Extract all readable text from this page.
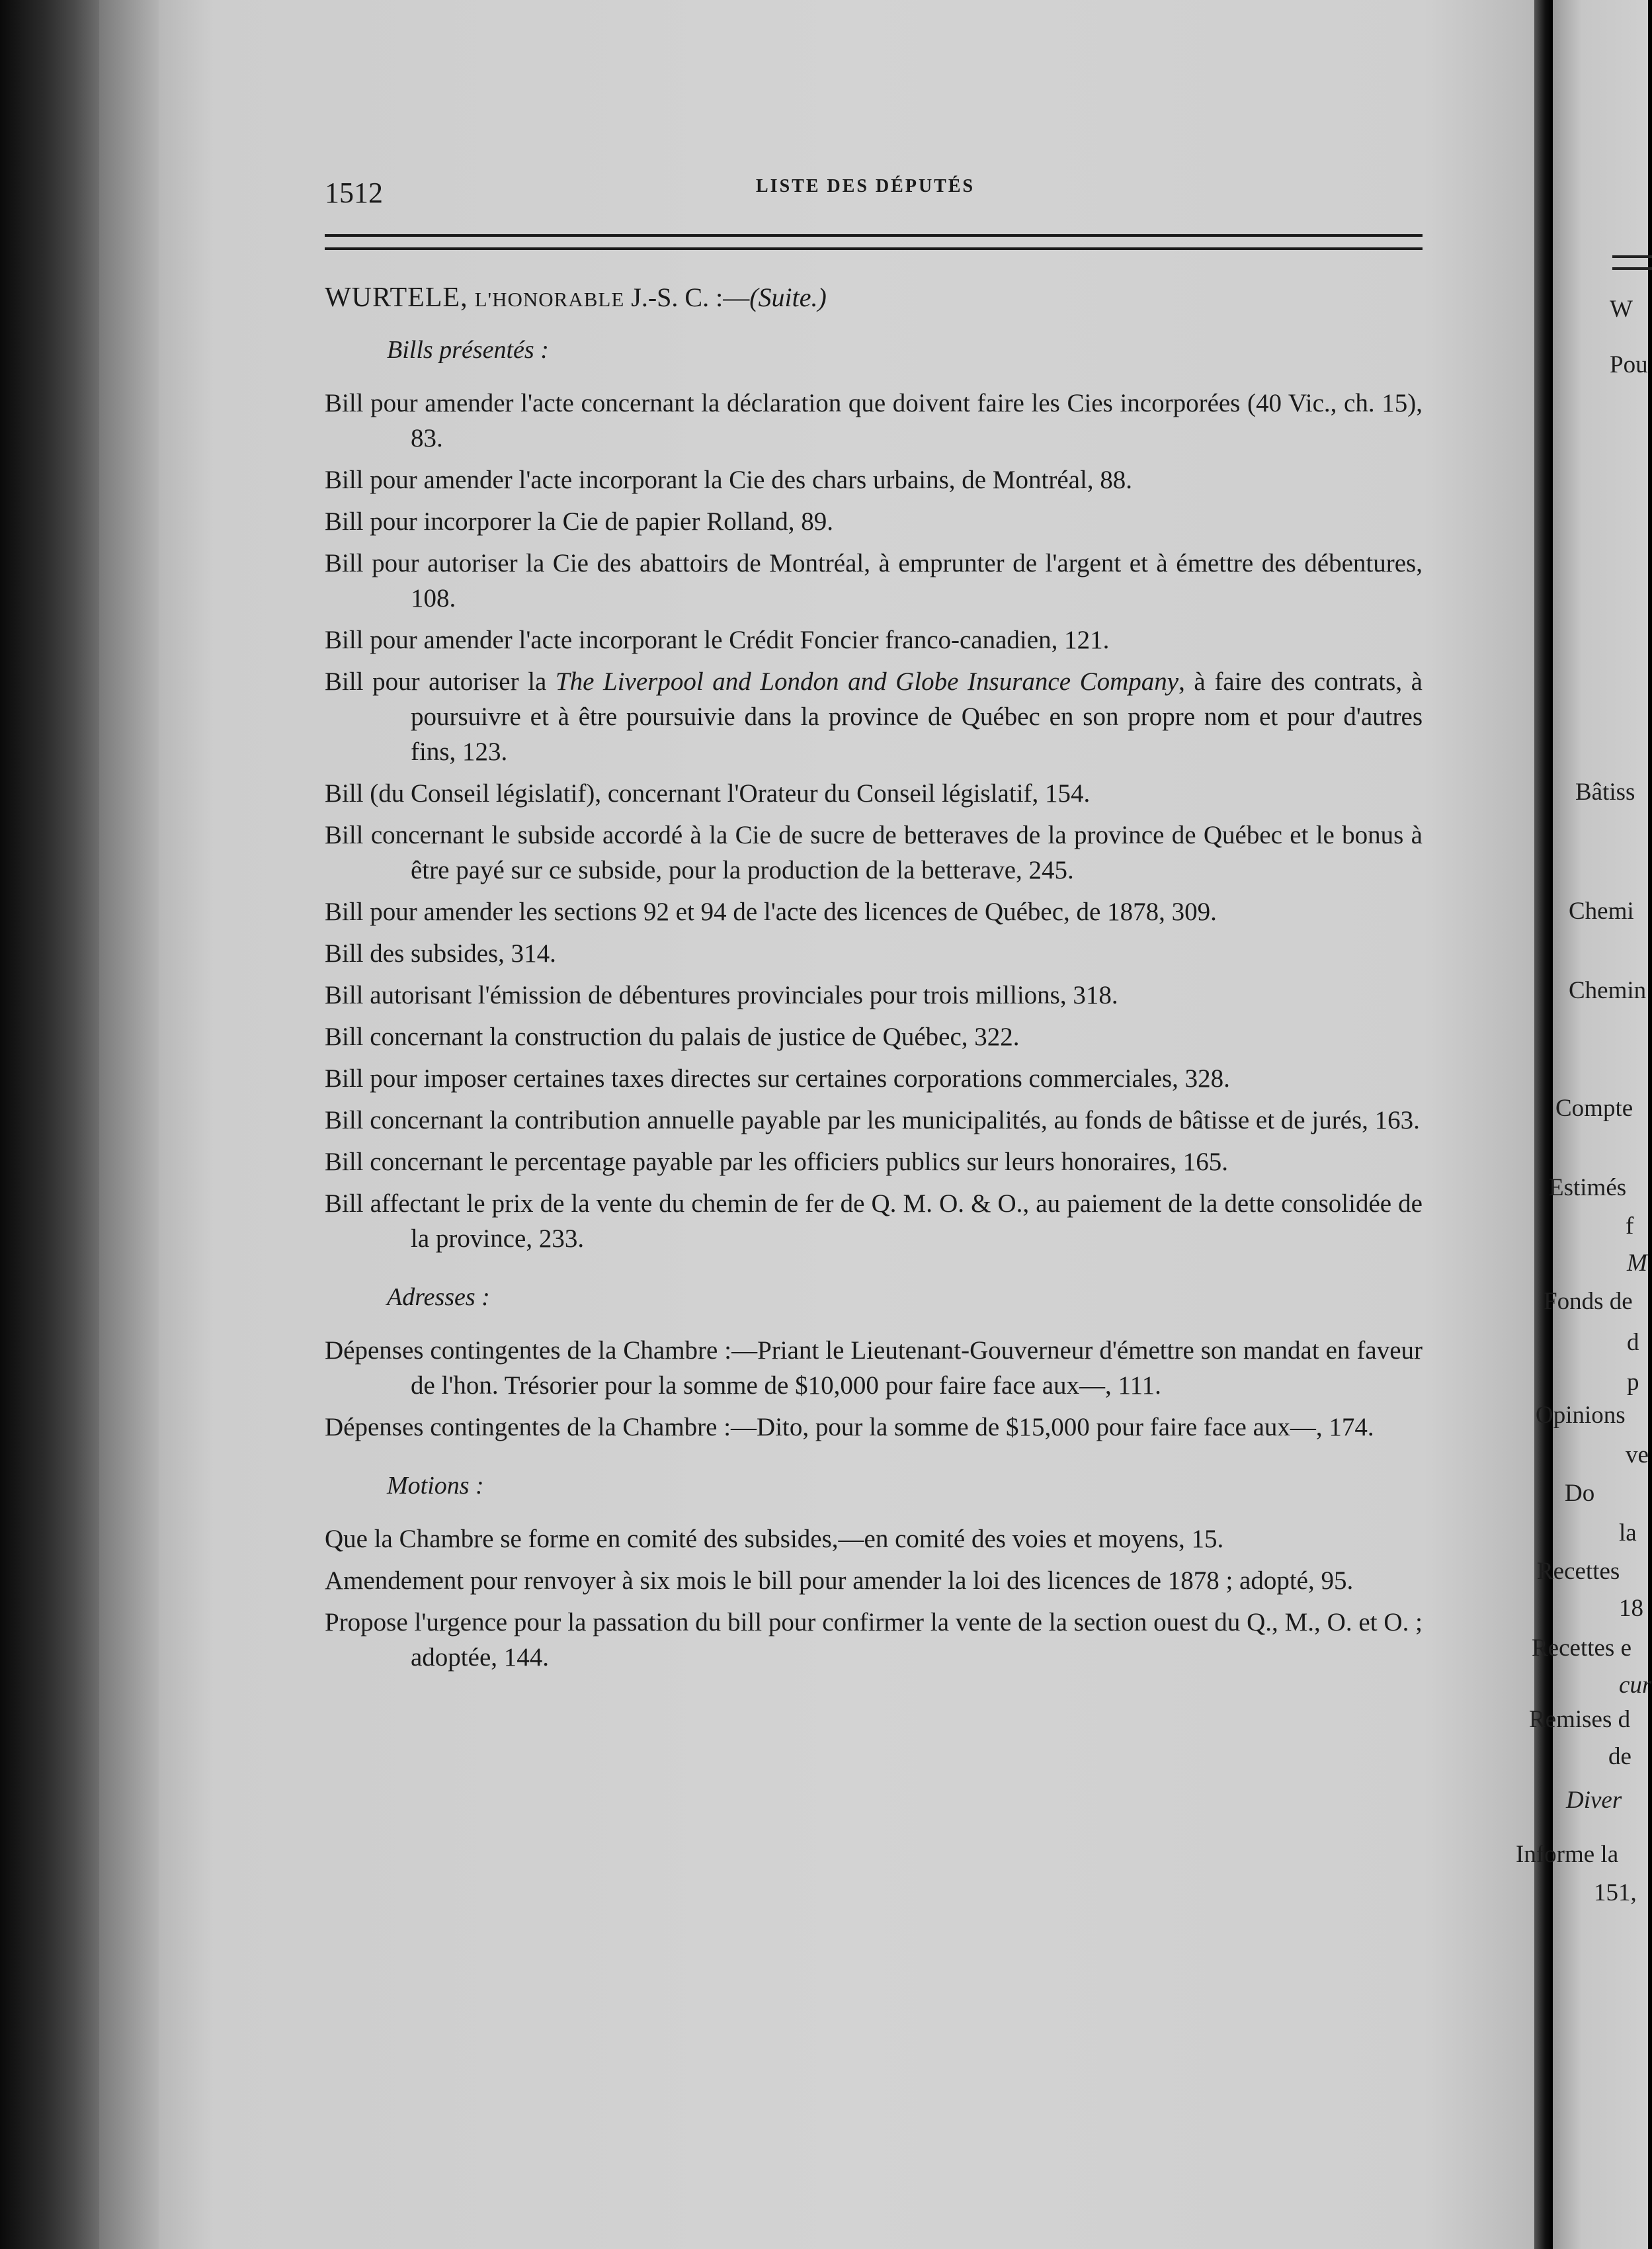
1512	LISTE DES DÉPUTÉS
WURTELE, L'HONORABLE J.-S. C. :—(Suite.)
Bills présentés :

Bill pour amender l'acte concernant la déclaration que doivent faire les Cies incorporées (40 Vic., ch. 15), 83.

Bill pour amender l'acte incorporant la Cie des chars urbains, de Montréal, 88.

Bill pour incorporer la Cie de papier Rolland, 89.

Bill pour autoriser la Cie des abattoirs de Montréal, à emprunter de l'argent et à émettre des débentures, 108.

Bill pour amender l'acte incorporant le Crédit Foncier franco-canadien, 121.

Bill pour autoriser la The Liverpool and London and Globe Insurance Company, à faire des contrats, à poursuivre et à être poursuivie dans la province de Québec en son propre nom et pour d'autres fins, 123.

Bill (du Conseil législatif), concernant l'Orateur du Conseil législatif, 154.

Bill concernant le subside accordé à la Cie de sucre de betteraves de la province de Québec et le bonus à être payé sur ce subside, pour la production de la betterave, 245.

Bill pour amender les sections 92 et 94 de l'acte des licences de Québec, de 1878, 309.

Bill des subsides, 314.

Bill autorisant l'émission de débentures provinciales pour trois millions, 318.

Bill concernant la construction du palais de justice de Québec, 322.

Bill pour imposer certaines taxes directes sur certaines corporations commerciales, 328.

Bill concernant la contribution annuelle payable par les municipalités, au fonds de bâtisse et de jurés, 163.

Bill concernant le percentage payable par les officiers publics sur leurs honoraires, 165.

Bill affectant le prix de la vente du chemin de fer de Q. M. O. & O., au paiement de la dette consolidée de la province, 233.

Adresses :

Dépenses contingentes de la Chambre :—Priant le Lieutenant-Gouverneur d'émettre son mandat en faveur de l'hon. Trésorier pour la somme de $10,000 pour faire face aux—, 111.

Dépenses contingentes de la Chambre :—Dito, pour la somme de $15,000 pour faire face aux—, 174.

Motions :

Que la Chambre se forme en comité des subsides,—en comité des voies et moyens, 15.

Amendement pour renvoyer à six mois le bill pour amender la loi des licences de 1878 ; adopté, 95.

Propose l'urgence pour la passation du bill pour confirmer la vente de la section ouest du Q., M., O. et O. ; adoptée, 144.

W
Pou
Bâtiss
Chemi
Chemin
Compte
Estimés
f
M
Fonds de
d
p
Opinions
ve
Do
la
Recettes
18
Recettes e
cur
Remises d
de
Diver
Informe la
151,
